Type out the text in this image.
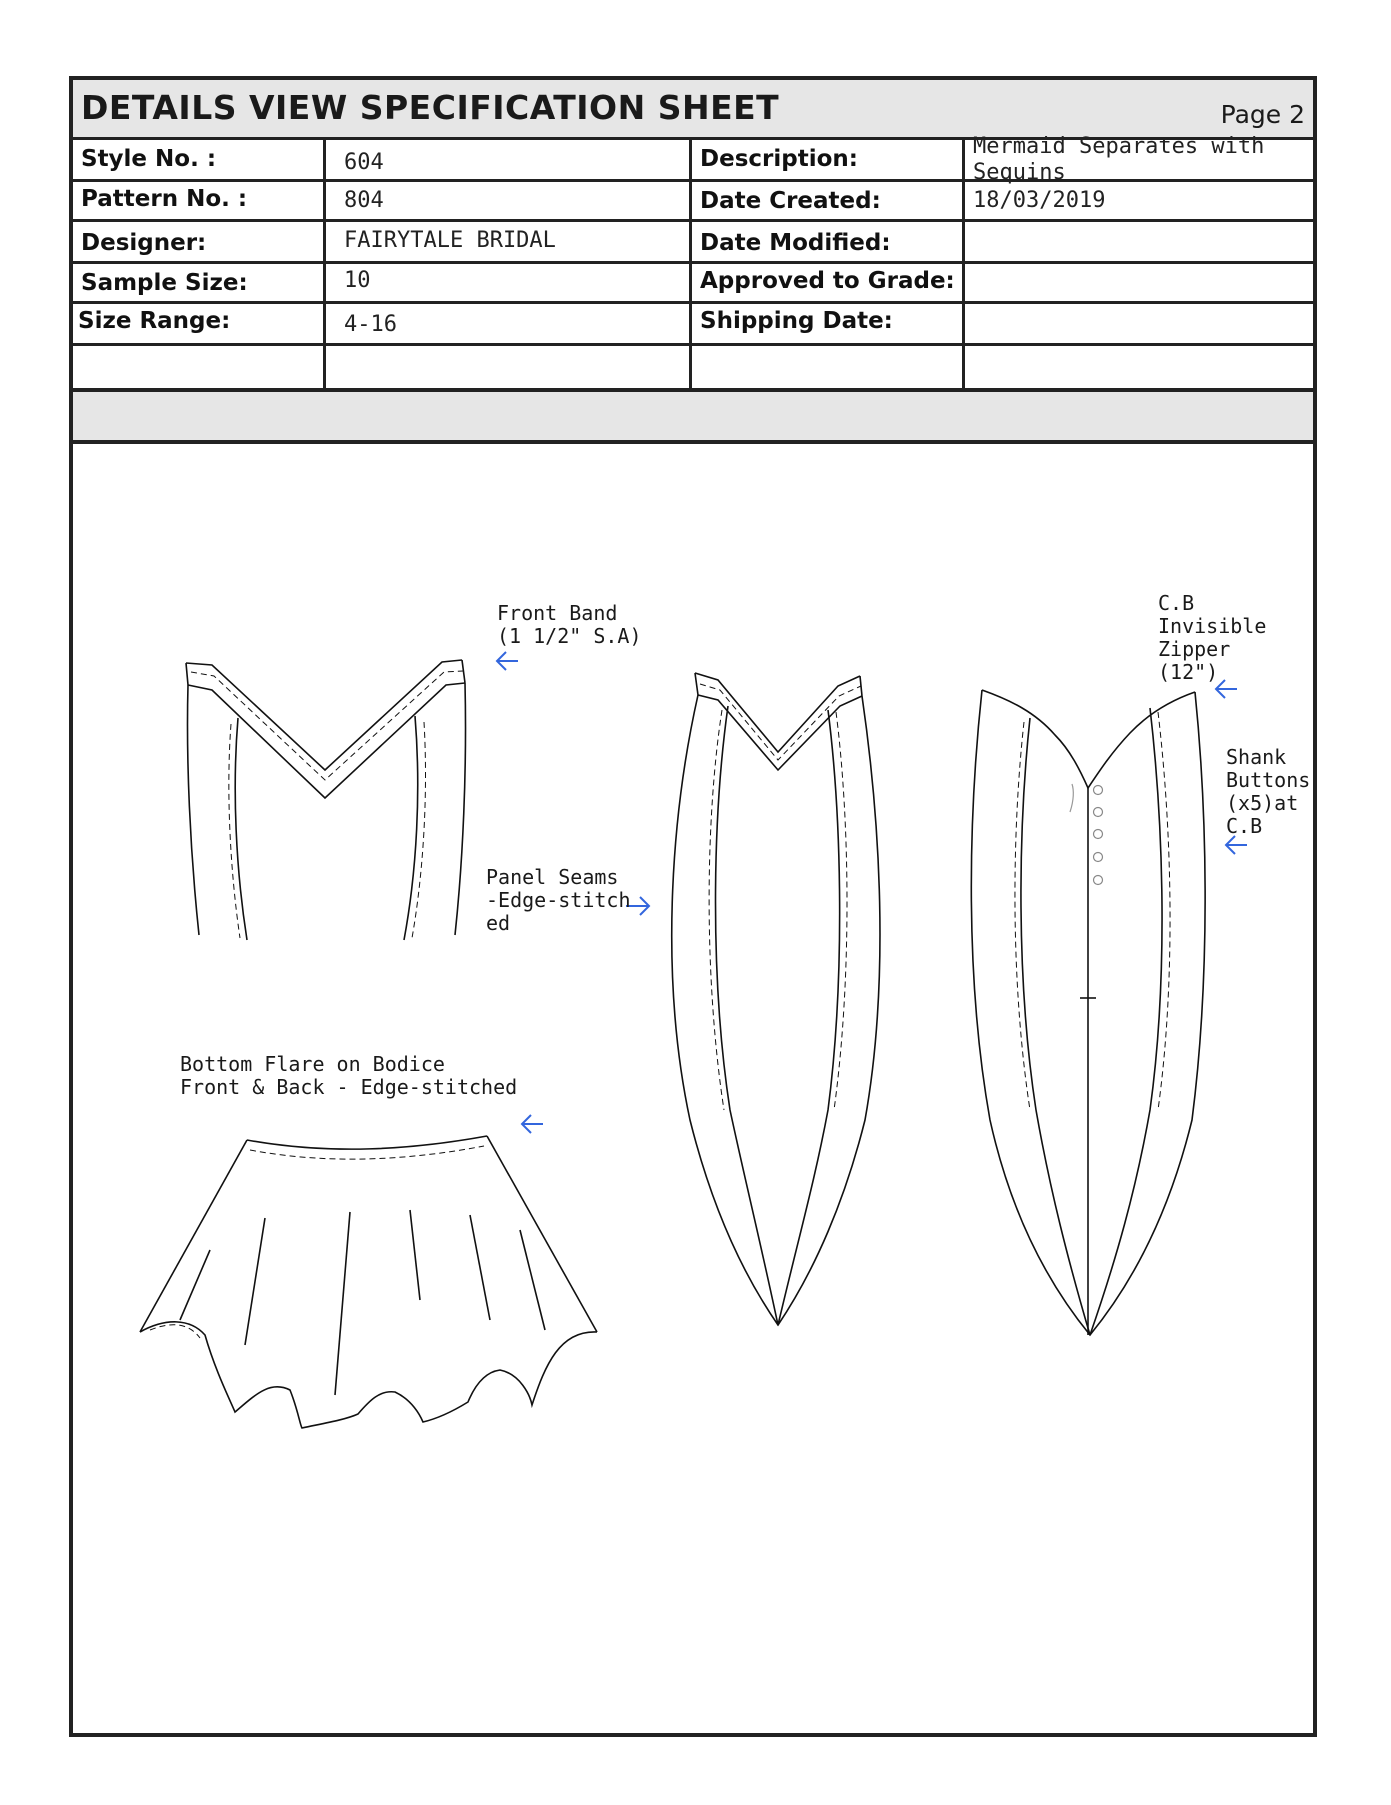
DETAILS VIEW SPECIFICATION SHEET	Page 2
Style No. :	604	Description:	Mermaid Separates with Sequins
Pattern No. :	804	Date Created:	18/03/2019
Designer:	FAIRYTALE BRIDAL	Date Modified:
Sample Size:	10	Approved to Grade:
Size Range:	4-16	Shipping Date:
Front Band
(1 1/2" S.A)
Panel Seams
-Edge-stitch
ed
Bottom Flare on Bodice
Front & Back - Edge-stitched
C.B
Invisible
Zipper
(12")
Shank
Buttons
(x5)at
C.B
